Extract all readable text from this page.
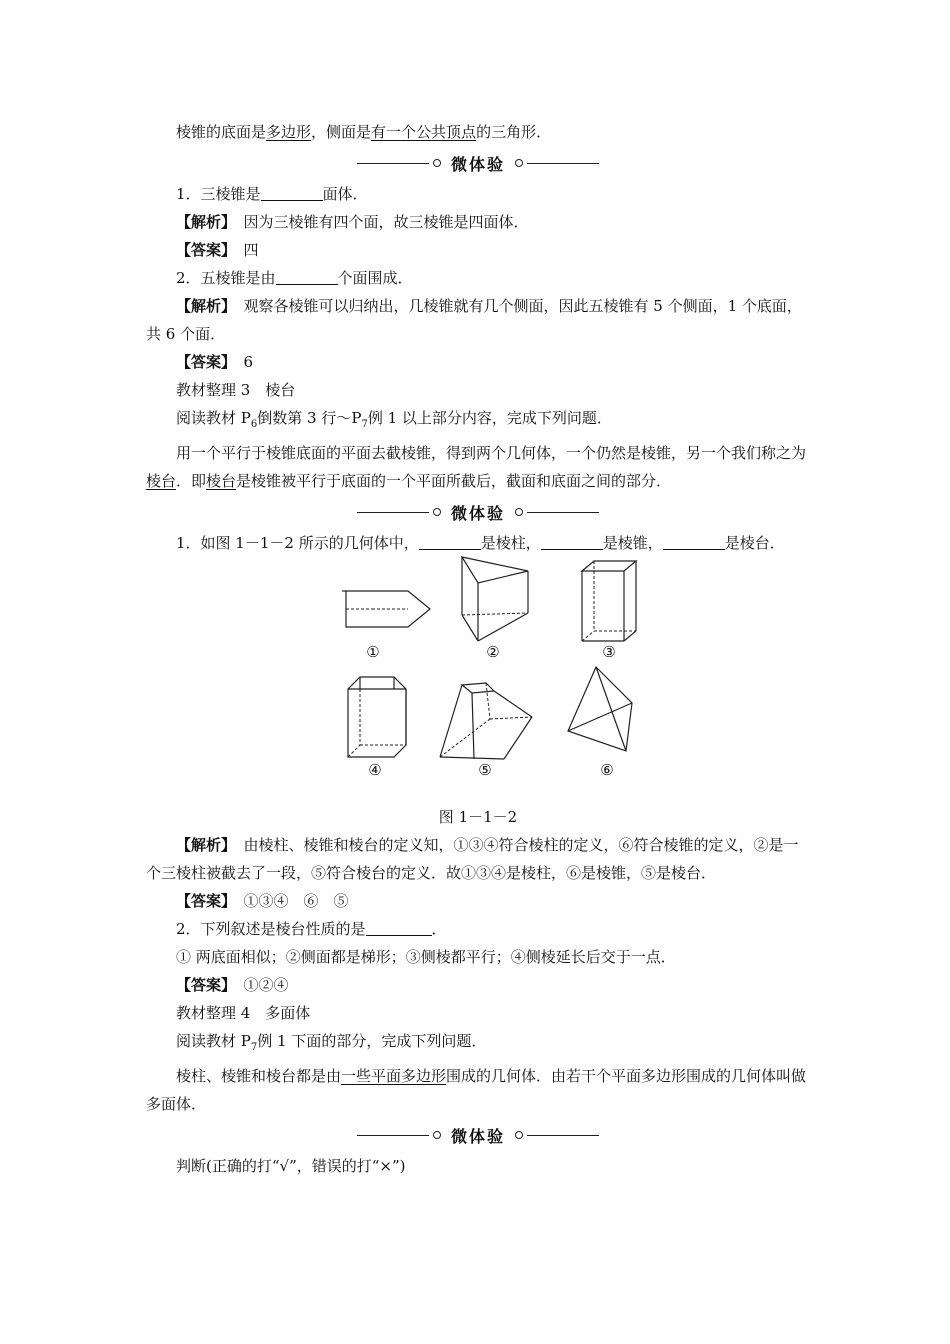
棱锥的底面是多边形，侧面是有一个公共顶点的三角形．

微体验

1．三棱锥是	面体．

【解析】　 因为三棱锥有四个面，故三棱锥是四面体．

【答案】　 四

2．五棱锥是由	个面围成．

【解析】　 观察各棱锥可以归纳出，几棱锥就有几个侧面，因此五棱锥有 5 个侧面，1 个底面，共 6 个面．

【答案】　 6

教材整理 3　棱台

阅读教材 $P_6$倒数第 3 行$\sim P_7$例 1 以上部分内容，完成下列问题．

用一个平行于棱锥底面的平面去截棱锥，得到两个几何体，一个仍然是棱锥，另一个我们称之为棱台．即棱台是棱锥被平行于底面的一个平面所截后，截面和底面之间的部分．

微体验

1．如图 1－1－2 所示的几何体中，	是棱柱，	是棱锥，	是棱台．

①	②	③
④	⑤	⑥

图 1－1－2

【解析】　 由棱柱、棱锥和棱台的定义知，①③④符合棱柱的定义，⑥符合棱锥的定义，②是一个三棱柱被截去了一段，⑤符合棱台的定义．故①③④是棱柱，⑥是棱锥，⑤是棱台．

【答案】　 ①③④　⑥　⑤

2．下列叙述是棱台性质的是	．

① 两底面相似；②侧面都是梯形；③侧棱都平行；④侧棱延长后交于一点．

【答案】　 ①②④

教材整理 4　多面体

阅读教材 $P_7$例 1 下面的部分，完成下列问题．

棱柱、棱锥和棱台都是由一些平面多边形围成的几何体．由若干个平面多边形围成的几何体叫做多面体．

微体验

判断(正确的打“√”，错误的打“×”)
